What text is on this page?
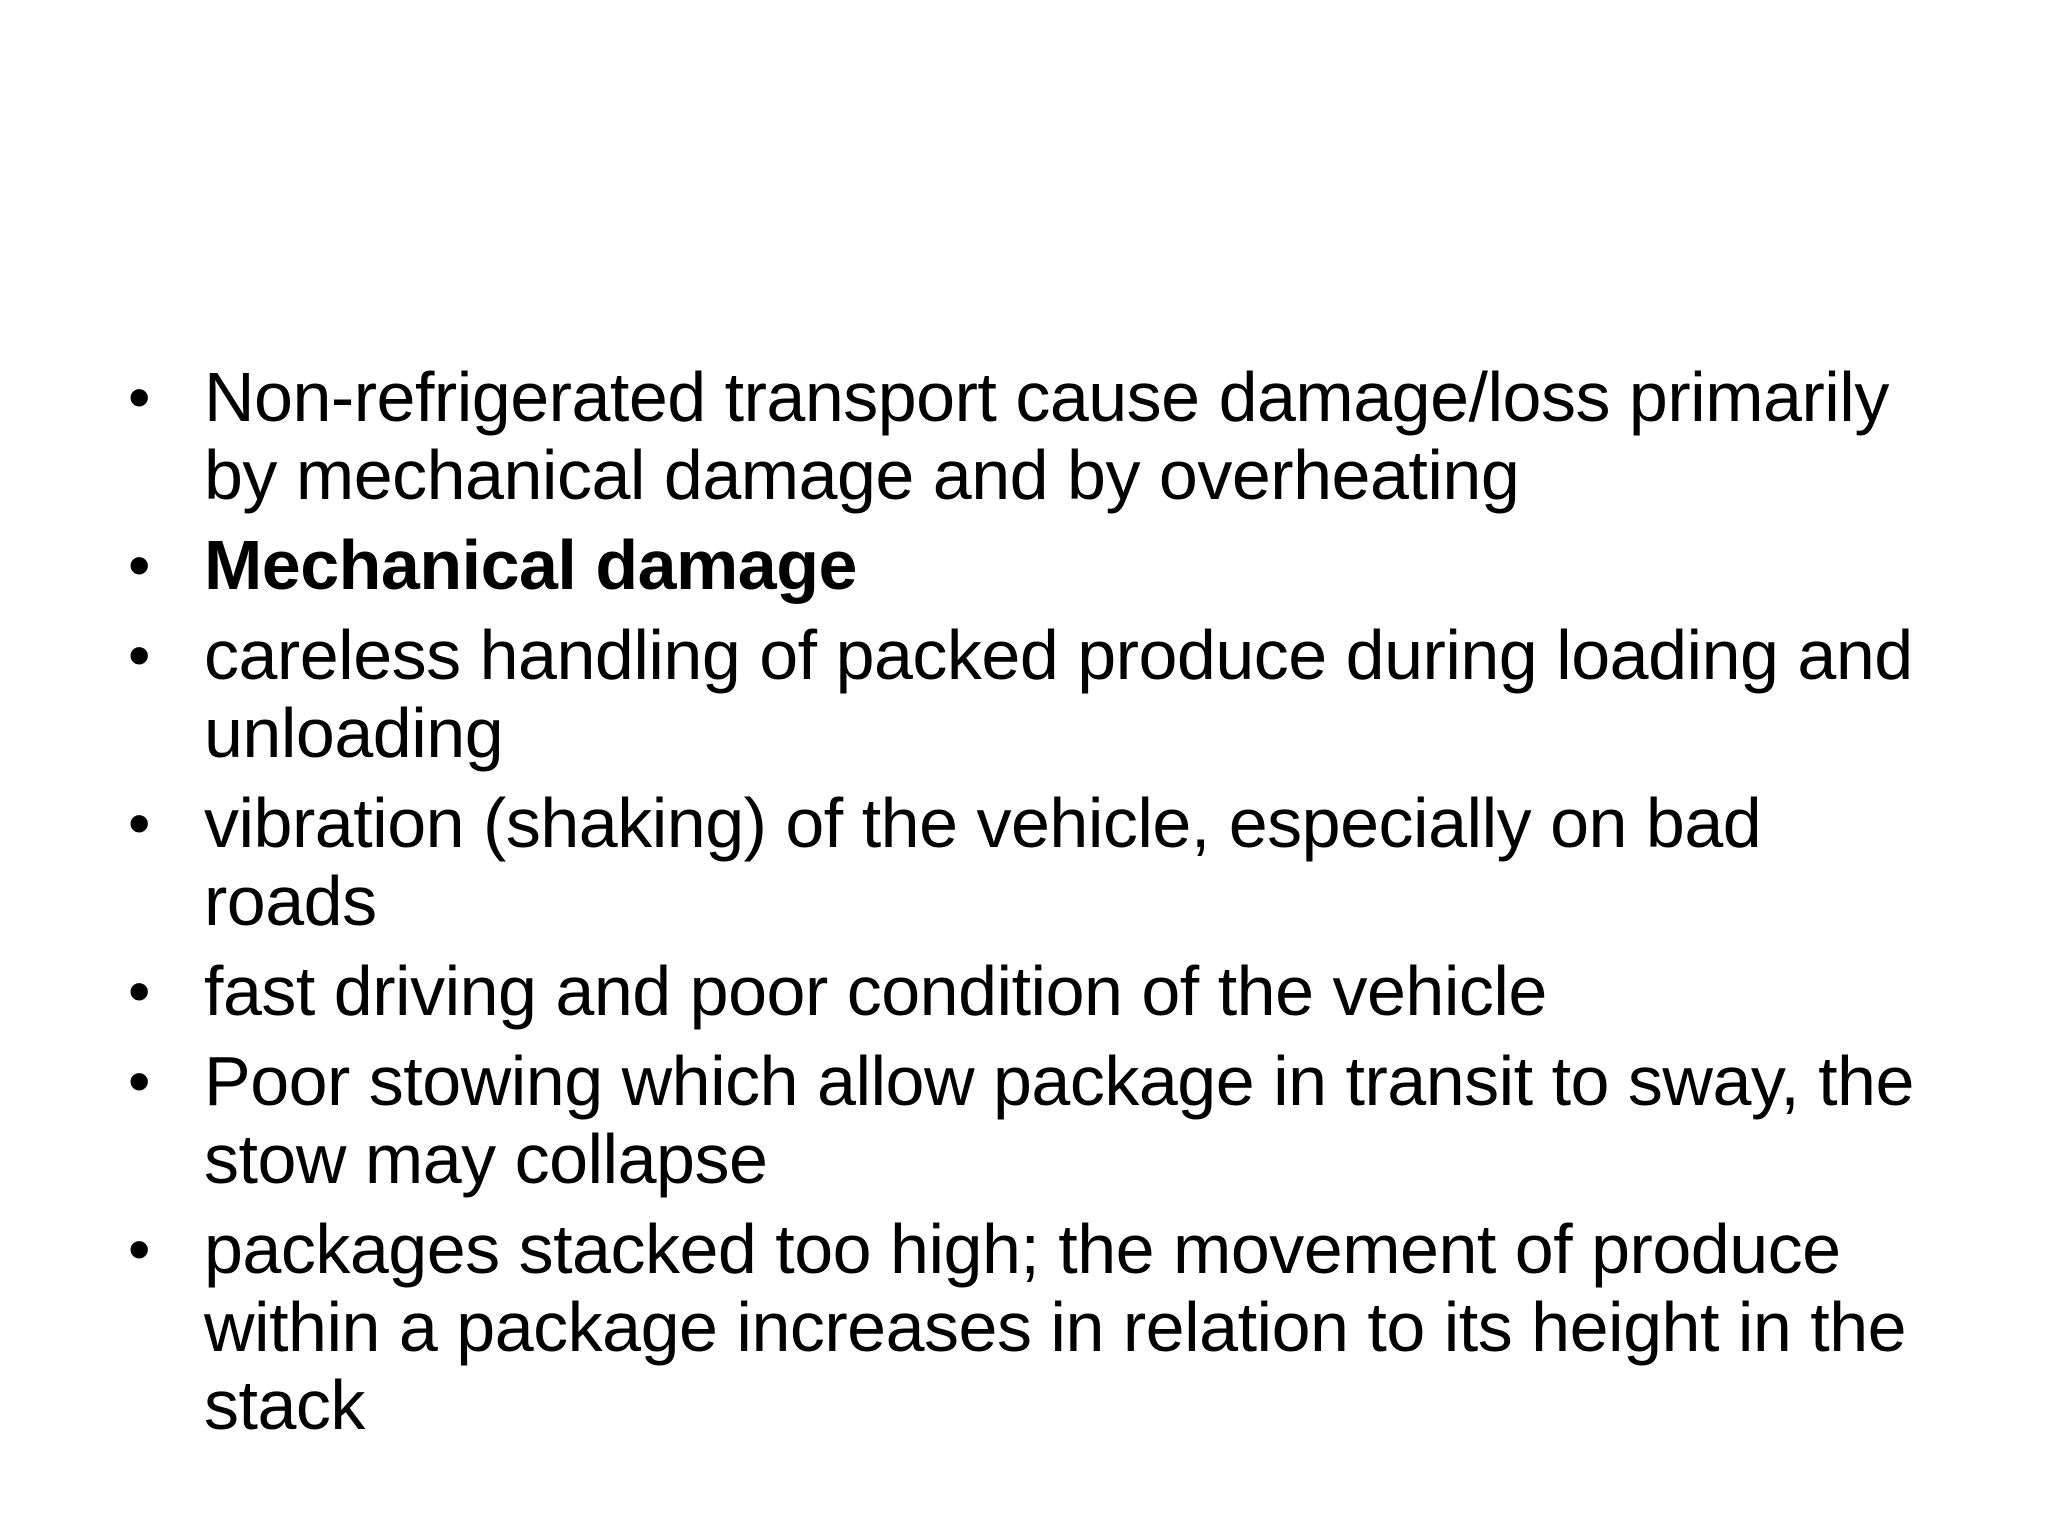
• Non-refrigerated transport cause damage/loss primarily by mechanical damage and by overheating
• Mechanical damage
• careless handling of packed produce during loading and unloading
• vibration (shaking) of the vehicle, especially on bad roads
• fast driving and poor condition of the vehicle
• Poor stowing which allow package in transit to sway, the stow may collapse
• packages stacked too high; the movement of produce within a package increases in relation to its height in the stack
